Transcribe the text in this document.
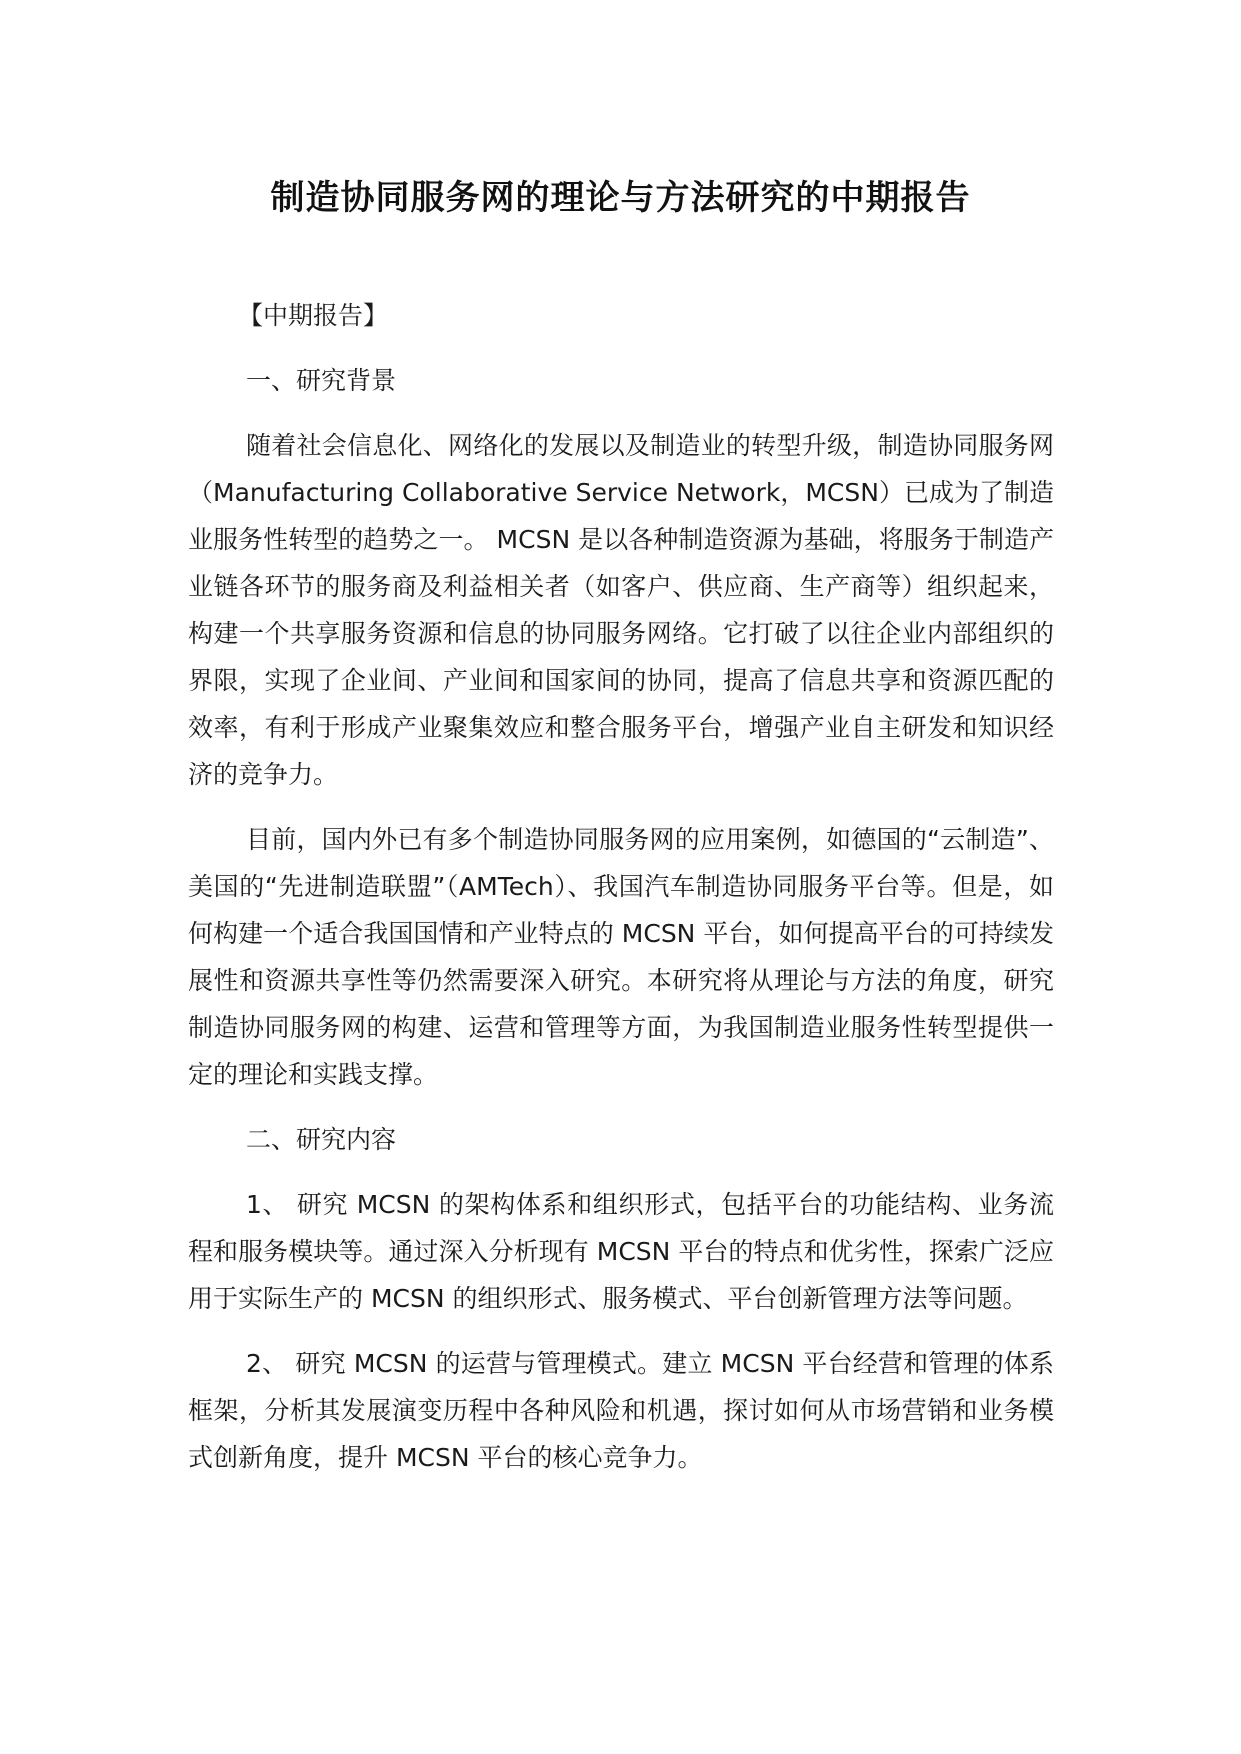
制造协同服务网的理论与方法研究的中期报告

【中期报告】

一、研究背景

随着社会信息化、网络化的发展以及制造业的转型升级，制造协同服务网（Manufacturing Collaborative Service Network，MCSN）已成为了制造业服务性转型的趋势之一。 MCSN 是以各种制造资源为基础，将服务于制造产业链各环节的服务商及利益相关者（如客户、供应商、生产商等）组织起来，构建一个共享服务资源和信息的协同服务网络。它打破了以往企业内部组织的界限，实现了企业间、产业间和国家间的协同，提高了信息共享和资源匹配的效率，有利于形成产业聚集效应和整合服务平台，增强产业自主研发和知识经济的竞争力。

目前，国内外已有多个制造协同服务网的应用案例，如德国的“云制造”、美国的“先进制造联盟”（AMTech）、我国汽车制造协同服务平台等。但是，如何构建一个适合我国国情和产业特点的 MCSN 平台，如何提高平台的可持续发展性和资源共享性等仍然需要深入研究。本研究将从理论与方法的角度，研究制造协同服务网的构建、运营和管理等方面，为我国制造业服务性转型提供一定的理论和实践支撑。

二、研究内容

1、 研究 MCSN 的架构体系和组织形式，包括平台的功能结构、业务流程和服务模块等。通过深入分析现有 MCSN 平台的特点和优劣性，探索广泛应用于实际生产的 MCSN 的组织形式、服务模式、平台创新管理方法等问题。

2、 研究 MCSN 的运营与管理模式。建立 MCSN 平台经营和管理的体系框架，分析其发展演变历程中各种风险和机遇，探讨如何从市场营销和业务模式创新角度，提升 MCSN 平台的核心竞争力。
